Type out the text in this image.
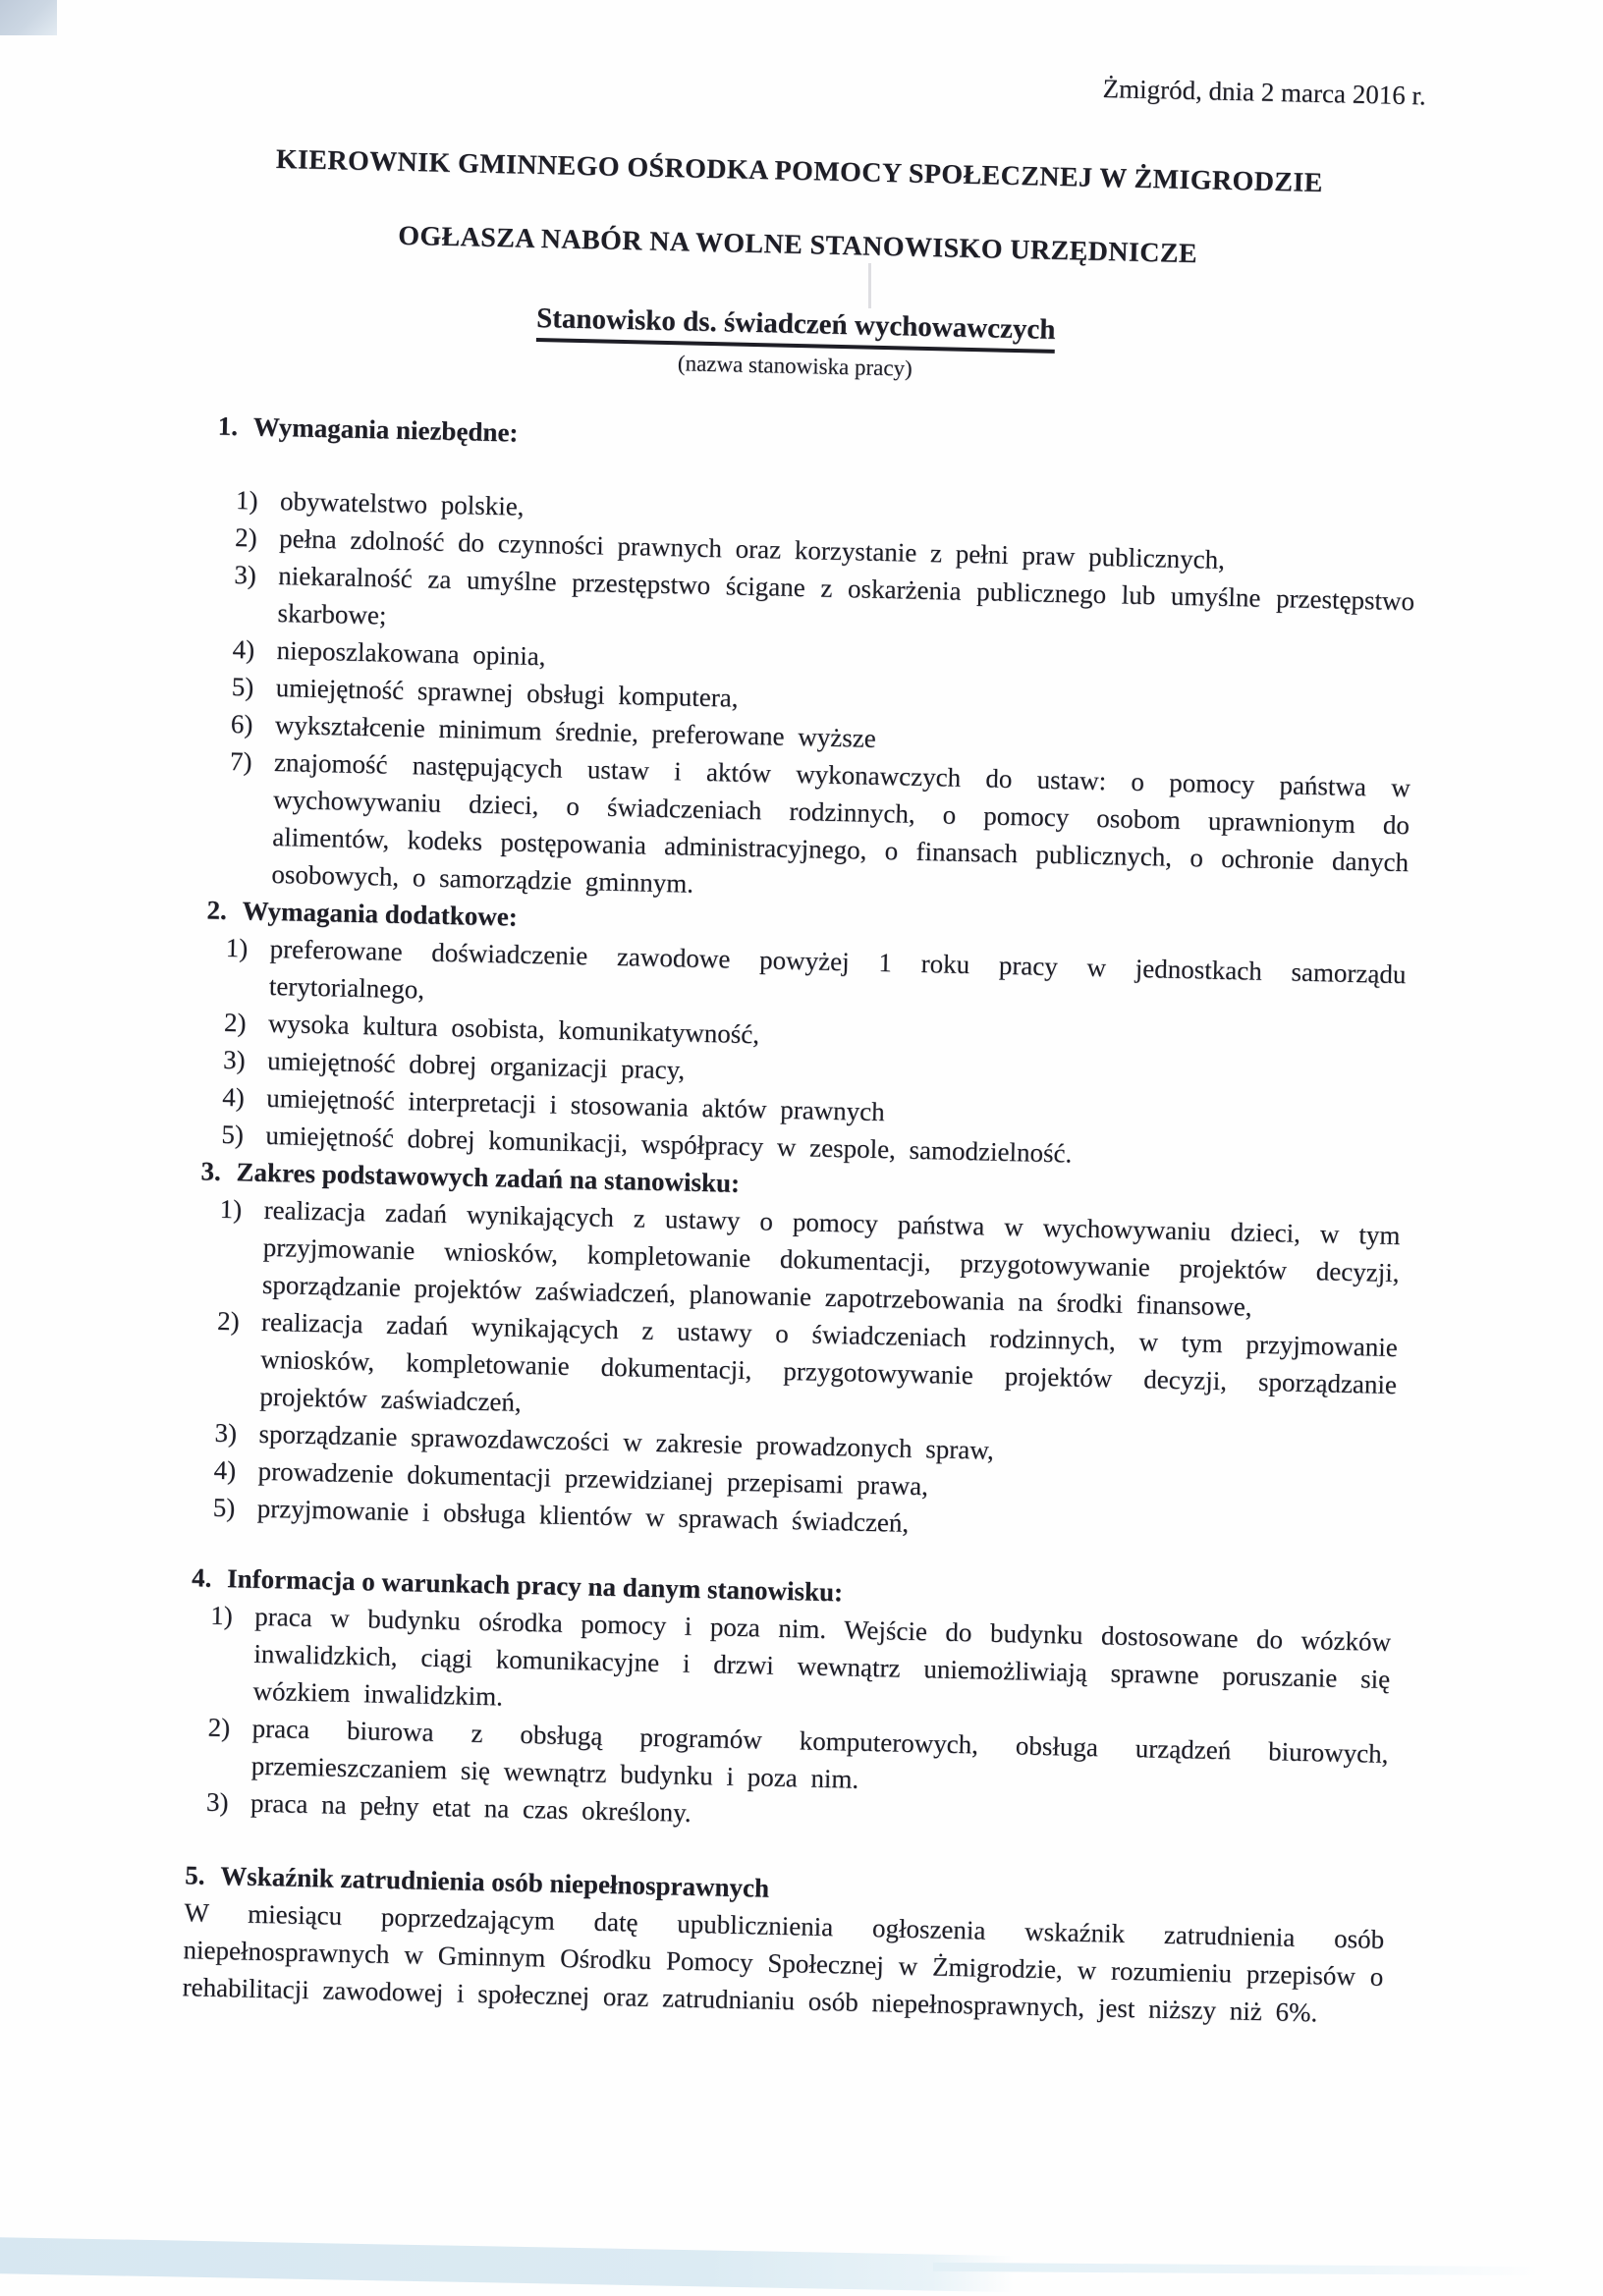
Żmigród, dnia 2 marca 2016 r.
KIEROWNIK GMINNEGO OŚRODKA POMOCY SPOŁECZNEJ W ŻMIGRODZIE
OGŁASZA NABÓR NA WOLNE STANOWISKO URZĘDNICZE
Stanowisko ds. świadczeń wychowawczych
(nazwa stanowiska pracy)
1. Wymagania niezbędne:
1) obywatelstwo polskie,
2) pełna zdolność do czynności prawnych oraz korzystanie z pełni praw publicznych,
3) niekaralność za umyślne przestępstwo ścigane z oskarżenia publicznego lub umyślne przestępstwo skarbowe;
4) nieposzlakowana opinia,
5) umiejętność sprawnej obsługi komputera,
6) wykształcenie minimum średnie, preferowane wyższe
7) znajomość następujących ustaw i aktów wykonawczych do ustaw: o pomocy państwa w wychowywaniu dzieci, o świadczeniach rodzinnych, o pomocy osobom uprawnionym do alimentów, kodeks postępowania administracyjnego, o finansach publicznych, o ochronie danych osobowych, o samorządzie gminnym.
2. Wymagania dodatkowe:
1) preferowane doświadczenie zawodowe powyżej 1 roku pracy w jednostkach samorządu terytorialnego,
2) wysoka kultura osobista, komunikatywność,
3) umiejętność dobrej organizacji pracy,
4) umiejętność interpretacji i stosowania aktów prawnych
5) umiejętność dobrej komunikacji, współpracy w zespole, samodzielność.
3. Zakres podstawowych zadań na stanowisku:
1) realizacja zadań wynikających z ustawy o pomocy państwa w wychowywaniu dzieci, w tym przyjmowanie wniosków, kompletowanie dokumentacji, przygotowywanie projektów decyzji, sporządzanie projektów zaświadczeń, planowanie zapotrzebowania na środki finansowe,
2) realizacja zadań wynikających z ustawy o świadczeniach rodzinnych, w tym przyjmowanie wniosków, kompletowanie dokumentacji, przygotowywanie projektów decyzji, sporządzanie projektów zaświadczeń,
3) sporządzanie sprawozdawczości w zakresie prowadzonych spraw,
4) prowadzenie dokumentacji przewidzianej przepisami prawa,
5) przyjmowanie i obsługa klientów w sprawach świadczeń,
4. Informacja o warunkach pracy na danym stanowisku:
1) praca w budynku ośrodka pomocy i poza nim. Wejście do budynku dostosowane do wózków inwalidzkich, ciągi komunikacyjne i drzwi wewnątrz uniemożliwiają sprawne poruszanie się wózkiem inwalidzkim.
2) praca biurowa z obsługą programów komputerowych, obsługa urządzeń biurowych, przemieszczaniem się wewnątrz budynku i poza nim.
3) praca na pełny etat na czas określony.
5. Wskaźnik zatrudnienia osób niepełnosprawnych
W miesiącu poprzedzającym datę upublicznienia ogłoszenia wskaźnik zatrudnienia osób niepełnosprawnych w Gminnym Ośrodku Pomocy Społecznej w Żmigrodzie, w rozumieniu przepisów o rehabilitacji zawodowej i społecznej oraz zatrudnianiu osób niepełnosprawnych, jest niższy niż 6%.
